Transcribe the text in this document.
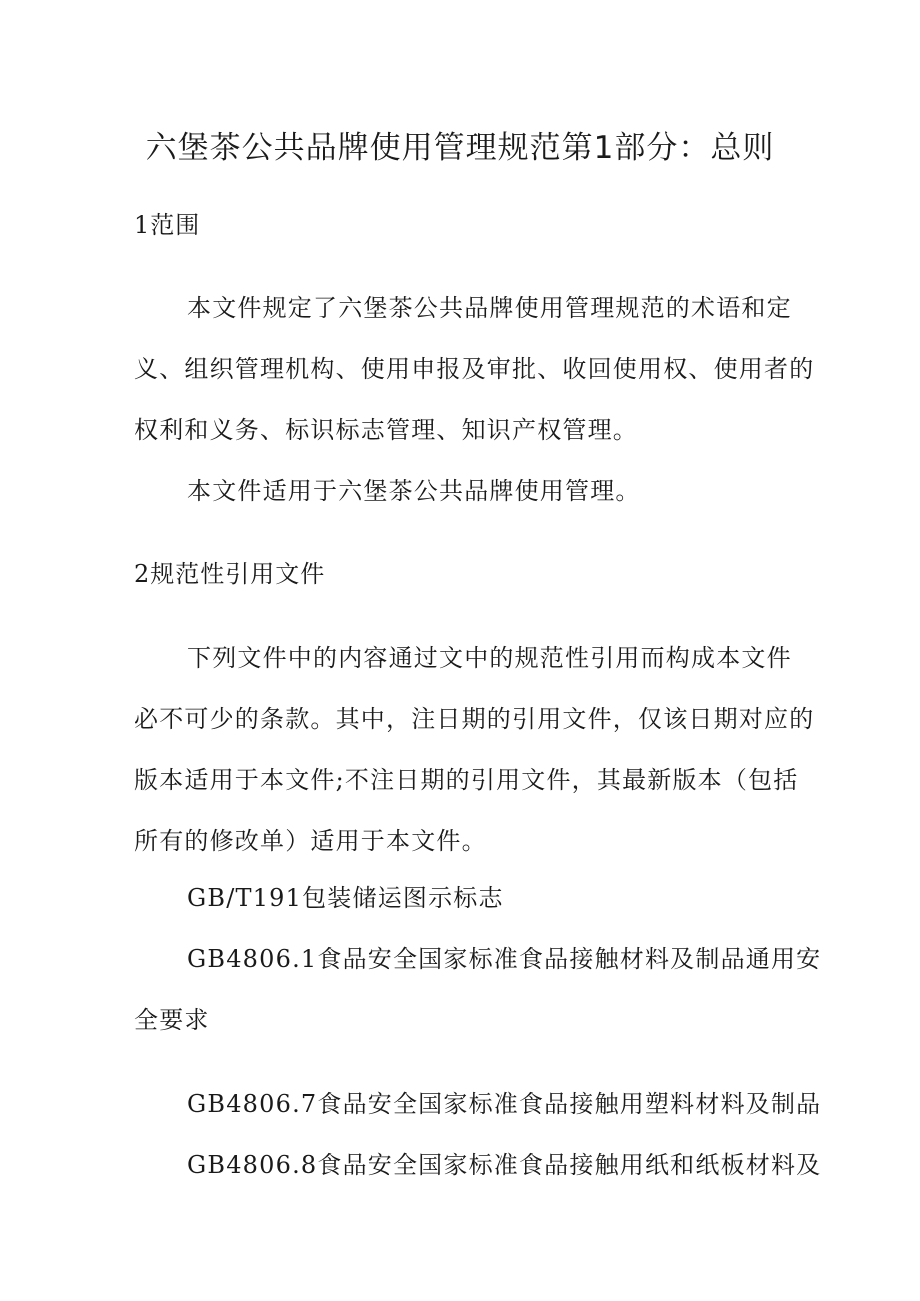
六堡茶公共品牌使用管理规范第1部分：总则
1范围
本文件规定了六堡茶公共品牌使用管理规范的术语和定
义、组织管理机构、使用申报及审批、收回使用权、使用者的
权利和义务、标识标志管理、知识产权管理。
本文件适用于六堡茶公共品牌使用管理。
2规范性引用文件
下列文件中的内容通过文中的规范性引用而构成本文件
必不可少的条款。其中，注日期的引用文件，仅该日期对应的
版本适用于本文件;不注日期的引用文件，其最新版本（包括
所有的修改单）适用于本文件。
GB/T191包装储运图示标志
GB4806.1食品安全国家标准食品接触材料及制品通用安
全要求
GB4806.7食品安全国家标准食品接触用塑料材料及制品
GB4806.8食品安全国家标准食品接触用纸和纸板材料及
